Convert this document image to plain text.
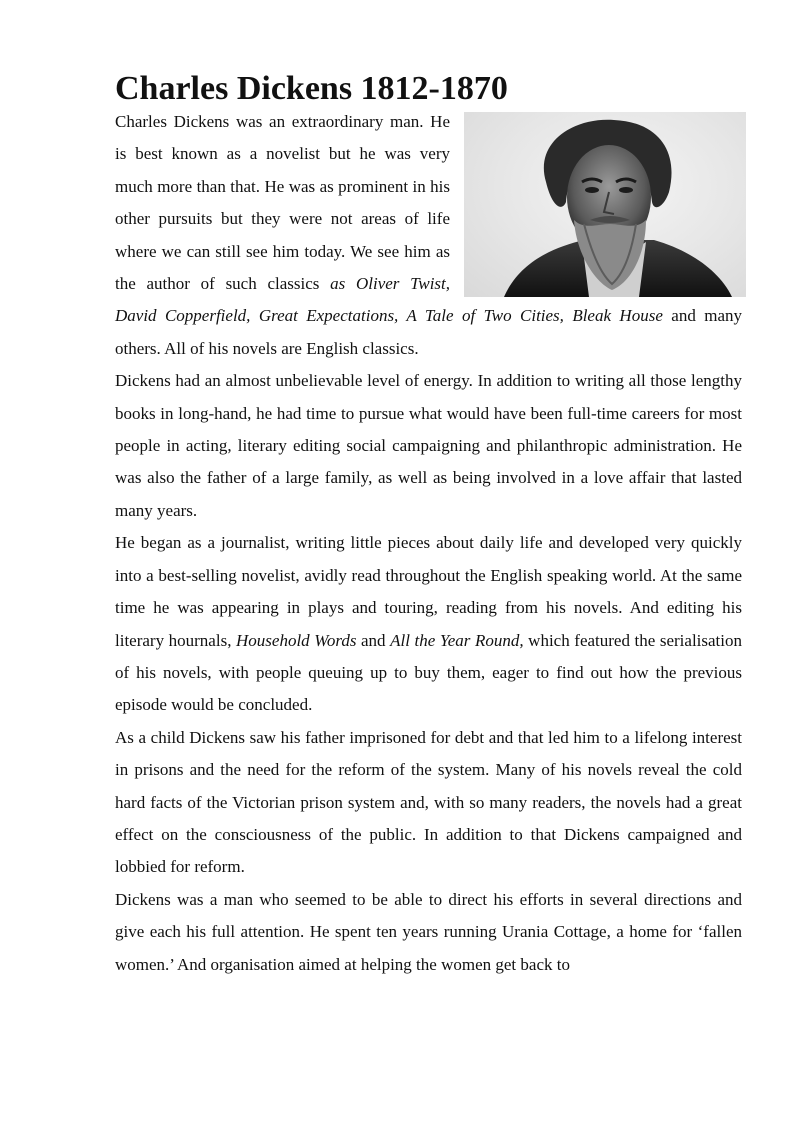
Charles Dickens 1812-1870

Charles Dickens was an extraordinary man. He is best known as a novelist but he was very much more than that. He was as prominent in his other pursuits but they were not areas of life where we can still see him today. We see him as the author of such classics as Oliver Twist, David Copperfield, Great Expectations, A Tale of Two Cities, Bleak House and many others. All of his novels are English classics.

Dickens had an almost unbelievable level of energy. In addition to writing all those lengthy books in long-hand, he had time to pursue what would have been full-time careers for most people in acting, literary editing social campaigning and philanthropic administration. He was also the father of a large family, as well as being involved in a love affair that lasted many years.

He began as a journalist, writing little pieces about daily life and developed very quickly into a best-selling novelist, avidly read throughout the English speaking world. At the same time he was appearing in plays and touring, reading from his novels. And editing his literary hournals, Household Words and All the Year Round, which featured the serialisation of his novels, with people queuing up to buy them, eager to find out how the previous episode would be concluded.

As a child Dickens saw his father imprisoned for debt and that led him to a lifelong interest in prisons and the need for the reform of the system. Many of his novels reveal the cold hard facts of the Victorian prison system and, with so many readers, the novels had a great effect on the consciousness of the public. In addition to that Dickens campaigned and lobbied for reform.

Dickens was a man who seemed to be able to direct his efforts in several directions and give each his full attention. He spent ten years running Urania Cottage, a home for ‘fallen women.’ And organisation aimed at helping the women get back to
